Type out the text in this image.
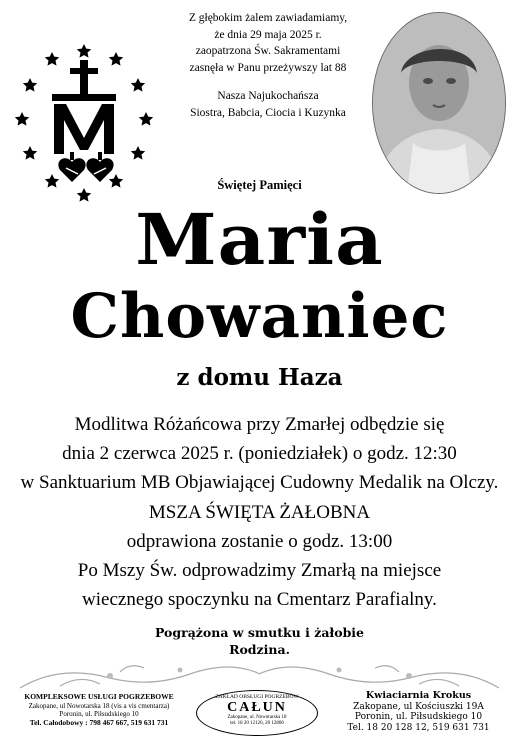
Z głębokim żalem zawiadamiamy,
że dnia 29 maja 2025 r.
zaopatrzona Św. Sakramentami
zasnęła w Panu przeżywszy lat 88
Nasza Najukochańsza
Siostra, Babcia, Ciocia i Kuzynka
Świętej Pamięci
Maria
Chowaniec
z domu Haza
Modlitwa Różańcowa przy Zmarłej odbędzie się
dnia 2 czerwca 2025 r. (poniedziałek) o godz. 12:30
w Sanktuarium MB Objawiającej Cudowny Medalik na Olczy.
MSZA ŚWIĘTA ŻAŁOBNA
odprawiona zostanie o godz. 13:00
Po Mszy Św. odprowadzimy Zmarłą na miejsce
wiecznego spoczynku na Cmentarz Parafialny.
Pogrążona w smutku i żałobie
Rodzina.
KOMPLEKSOWE USŁUGI POGRZEBOWE
Zakopane, ul Nowotarska 18 (vis a vis cmentarza)
Poronin, ul. Piłsudskiego 10
Tel. Całodobowy : 798 467 667, 519 631 731
ZAKŁAD OBSŁUGI POGRZEBÓW
CAŁUN
Zakopane, ul. Nowotarska 18
tel. 18 20 12120, 20 12806
Kwiaciarnia Krokus
Zakopane, ul Kościuszki 19A
Poronin, ul. Piłsudskiego 10
Tel. 18 20 128 12, 519 631 731
